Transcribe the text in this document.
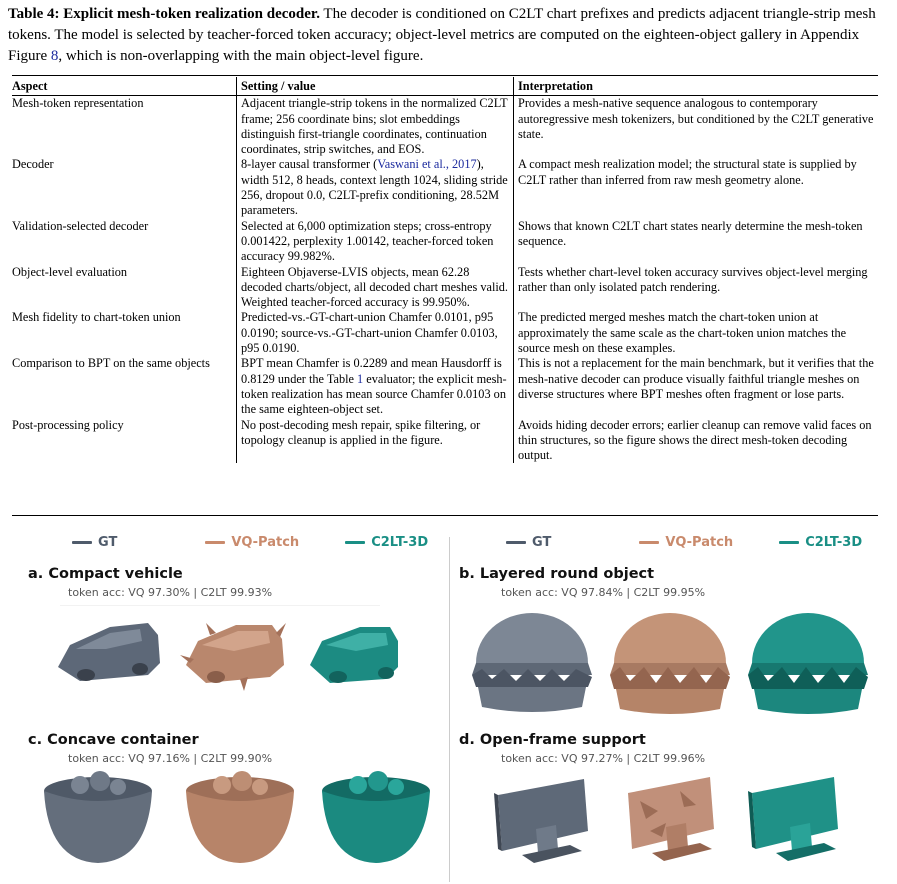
Table 4: Explicit mesh-token realization decoder. The decoder is conditioned on C2LT chart prefixes and predicts adjacent triangle-strip mesh tokens. The model is selected by teacher-forced token accuracy; object-level metrics are computed on the eighteen-object gallery in Appendix Figure 8, which is non-overlapping with the main object-level figure.
Aspect	Setting / value	Interpretation
Mesh-token representation	Adjacent triangle-strip tokens in the normalized C2LT frame; 256 coordinate bins; slot embeddings distinguish first-triangle coordinates, continuation coordinates, strip switches, and EOS.	Provides a mesh-native sequence analogous to contemporary autoregressive mesh tokenizers, but conditioned by the C2LT generative state.
Decoder	8-layer causal transformer (Vaswani et al., 2017), width 512, 8 heads, context length 1024, sliding stride 256, dropout 0.0, C2LT-prefix conditioning, 28.52M parameters.	A compact mesh realization model; the structural state is supplied by C2LT rather than inferred from raw mesh geometry alone.
Validation-selected decoder	Selected at 6,000 optimization steps; cross-entropy 0.001422, perplexity 1.00142, teacher-forced token accuracy 99.982%.	Shows that known C2LT chart states nearly determine the mesh-token sequence.
Object-level evaluation	Eighteen Objaverse-LVIS objects, mean 62.28 decoded charts/object, all decoded chart meshes valid. Weighted teacher-forced accuracy is 99.950%.	Tests whether chart-level token accuracy survives object-level merging rather than only isolated patch rendering.
Mesh fidelity to chart-token union	Predicted-vs.-GT-chart-union Chamfer 0.0101, p95 0.0190; source-vs.-GT-chart-union Chamfer 0.0103, p95 0.0190.	The predicted merged meshes match the chart-token union at approximately the same scale as the chart-token union matches the source mesh on these examples.
Comparison to BPT on the same objects	BPT mean Chamfer is 0.2289 and mean Hausdorff is 0.8129 under the Table 1 evaluator; the explicit mesh-token realization has mean source Chamfer 0.0103 on the same eighteen-object set.	This is not a replacement for the main benchmark, but it verifies that the mesh-native decoder can produce visually faithful triangle meshes on diverse structures where BPT meshes often fragment or lose parts.
Post-processing policy	No post-decoding mesh repair, spike filtering, or topology cleanup is applied in the figure.	Avoids hiding decoder errors; earlier cleanup can remove valid faces on thin structures, so the figure shows the direct mesh-token decoding output.
GT	VQ-Patch	C2LT-3D	GT	VQ-Patch	C2LT-3D
a. Compact vehicle
token acc: VQ 97.30% | C2LT 99.93%
b. Layered round object
token acc: VQ 97.84% | C2LT 99.95%
c. Concave container
token acc: VQ 97.16% | C2LT 99.90%
d. Open-frame support
token acc: VQ 97.27% | C2LT 99.96%
